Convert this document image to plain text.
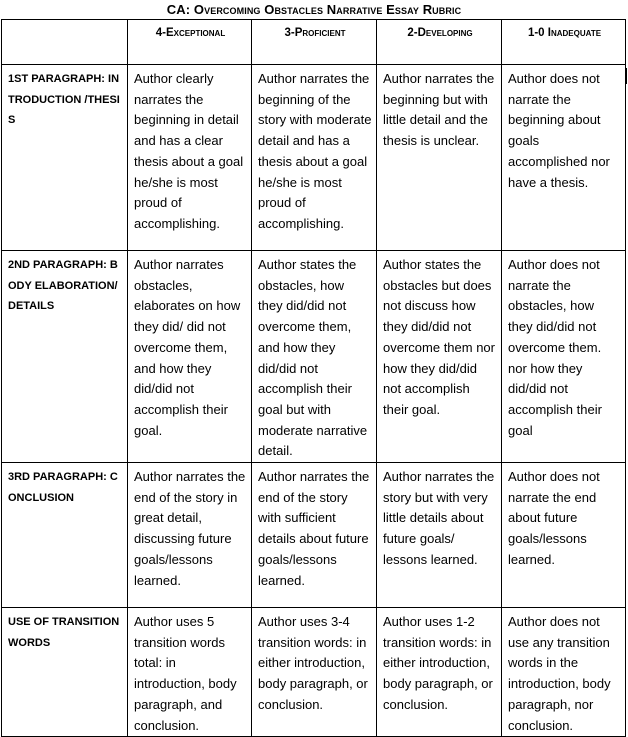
CA: Overcoming Obstacles Narrative Essay Rubric
	4-Exceptional	3-Proficient	2-Developing	1-0 Inadequate
1ST PARAGRAPH: INTRODUCTION /THESIS	Author clearly narrates the beginning in detail and has a clear thesis about a goal he/she is most proud of accomplishing.	Author narrates the beginning of the story with moderate detail and has a thesis about a goal he/she is most proud of accomplishing.	Author narrates the beginning but with little detail and the thesis is unclear.	Author does not narrate the beginning about goals accomplished nor have a thesis.
2ND PARAGRAPH: BODY ELABORATION/DETAILS	Author narrates obstacles, elaborates on how they did/ did not overcome them, and how they did/did not accomplish their goal.	Author states the obstacles, how they did/did not overcome them, and how they did/did not accomplish their goal but with moderate narrative detail.	Author states the obstacles but does not discuss how they did/did not overcome them nor how they did/did not accomplish their goal.	Author does not narrate the obstacles, how they did/did not overcome them. nor how they did/did not accomplish their goal
3RD PARAGRAPH: CONCLUSION	Author narrates the end of the story in great detail, discussing future goals/lessons learned.	Author narrates the end of the story with sufficient details about future goals/lessons learned.	Author narrates the story but with very little details about future goals/ lessons learned.	Author does not narrate the end about future goals/lessons learned.
USE OF TRANSITION WORDS	Author uses 5 transition words total: in introduction, body paragraph, and conclusion.	Author uses 3-4 transition words: in either introduction, body paragraph, or conclusion.	Author uses 1-2 transition words: in either introduction, body paragraph, or conclusion.	Author does not use any transition words in the introduction, body paragraph, nor conclusion.
